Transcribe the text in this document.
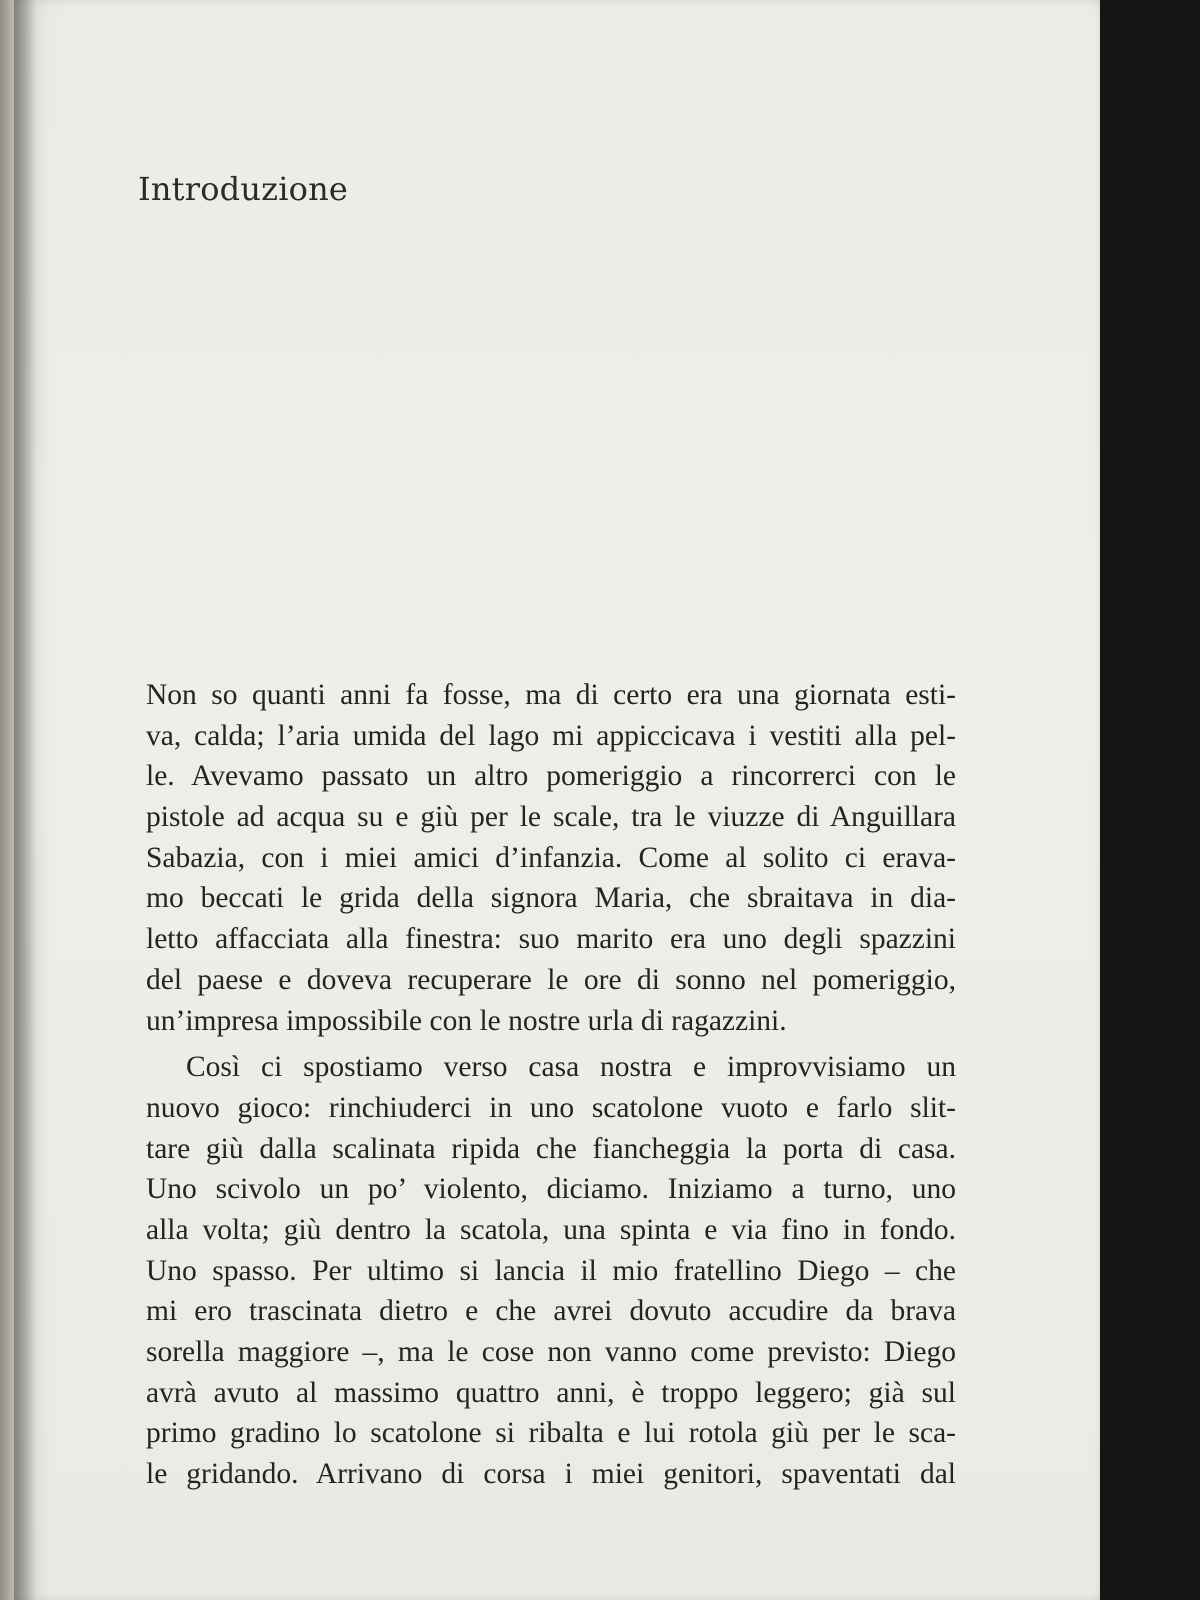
Introduzione
Non so quanti anni fa fosse, ma di certo era una giornata esti-
va, calda; l’aria umida del lago mi appiccicava i vestiti alla pel-
le. Avevamo passato un altro pomeriggio a rincorrerci con le
pistole ad acqua su e giù per le scale, tra le viuzze di Anguillara
Sabazia, con i miei amici d’infanzia. Come al solito ci erava-
mo beccati le grida della signora Maria, che sbraitava in dia-
letto affacciata alla finestra: suo marito era uno degli spazzini
del paese e doveva recuperare le ore di sonno nel pomeriggio,
un’impresa impossibile con le nostre urla di ragazzini.
Così ci spostiamo verso casa nostra e improvvisiamo un
nuovo gioco: rinchiuderci in uno scatolone vuoto e farlo slit-
tare giù dalla scalinata ripida che fiancheggia la porta di casa.
Uno scivolo un po’ violento, diciamo. Iniziamo a turno, uno
alla volta; giù dentro la scatola, una spinta e via fino in fondo.
Uno spasso. Per ultimo si lancia il mio fratellino Diego – che
mi ero trascinata dietro e che avrei dovuto accudire da brava
sorella maggiore –, ma le cose non vanno come previsto: Diego
avrà avuto al massimo quattro anni, è troppo leggero; già sul
primo gradino lo scatolone si ribalta e lui rotola giù per le sca-
le gridando. Arrivano di corsa i miei genitori, spaventati dal
